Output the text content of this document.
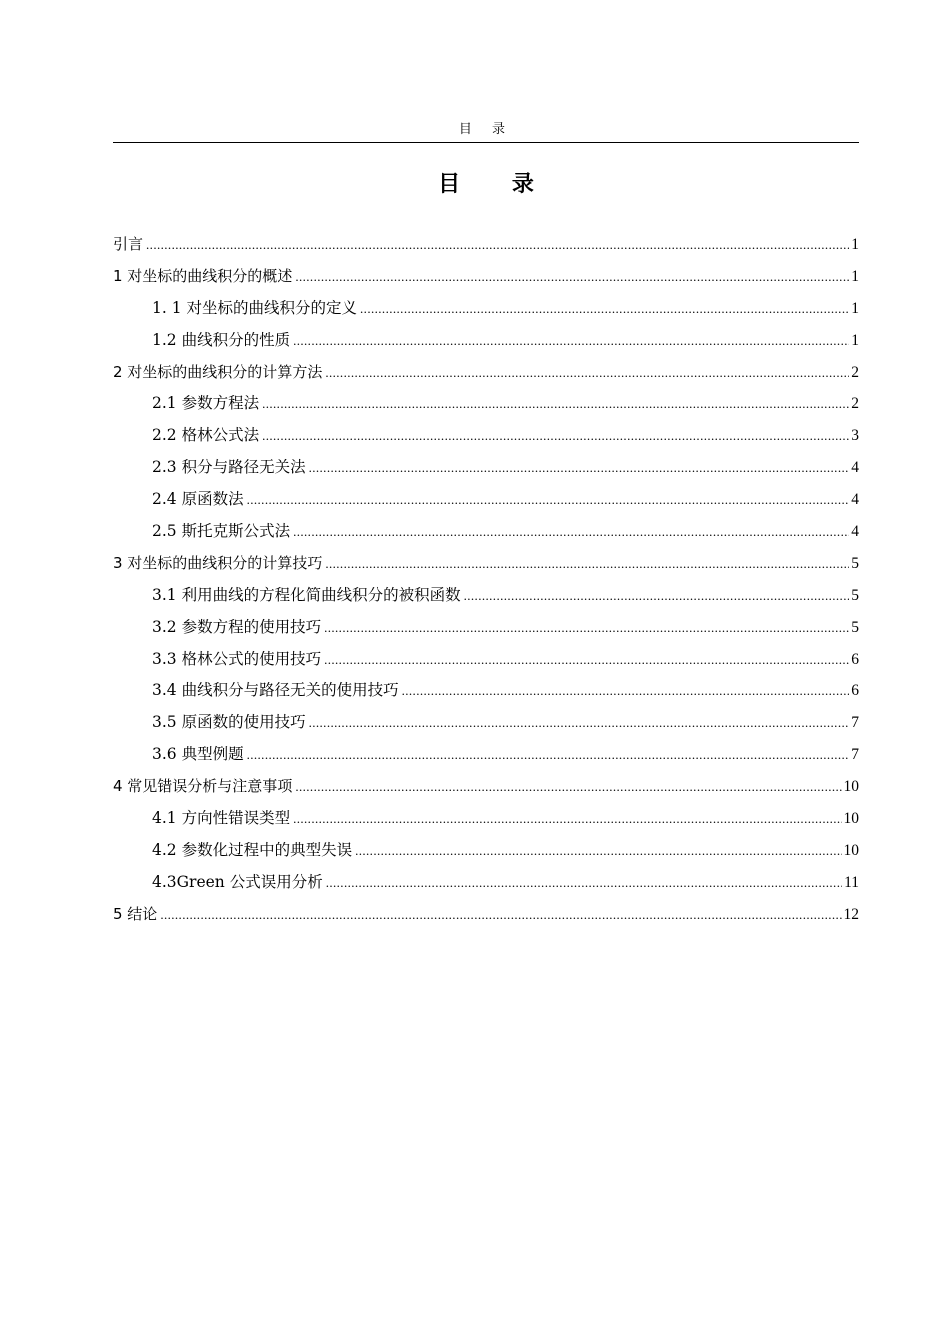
目 录
目 录
引言 .....	1
1 对坐标的曲线积分的概述 .....	1
1. 1 对坐标的曲线积分的定义 .....	1
1.2 曲线积分的性质 .....	1
2 对坐标的曲线积分的计算方法 .....	2
2.1 参数方程法 .....	2
2.2 格林公式法 .....	3
2.3 积分与路径无关法 .....	4
2.4 原函数法 .....	4
2.5 斯托克斯公式法 .....	4
3 对坐标的曲线积分的计算技巧 .....	5
3.1 利用曲线的方程化简曲线积分的被积函数 .....	5
3.2 参数方程的使用技巧 .....	5
3.3 格林公式的使用技巧 .....	6
3.4 曲线积分与路径无关的使用技巧 .....	6
3.5 原函数的使用技巧 .....	7
3.6 典型例题 .....	7
4 常见错误分析与注意事项 .....	10
4.1 方向性错误类型 .....	10
4.2 参数化过程中的典型失误 .....	10
4.3Green 公式误用分析 .....	11
5 结论 .....	12
